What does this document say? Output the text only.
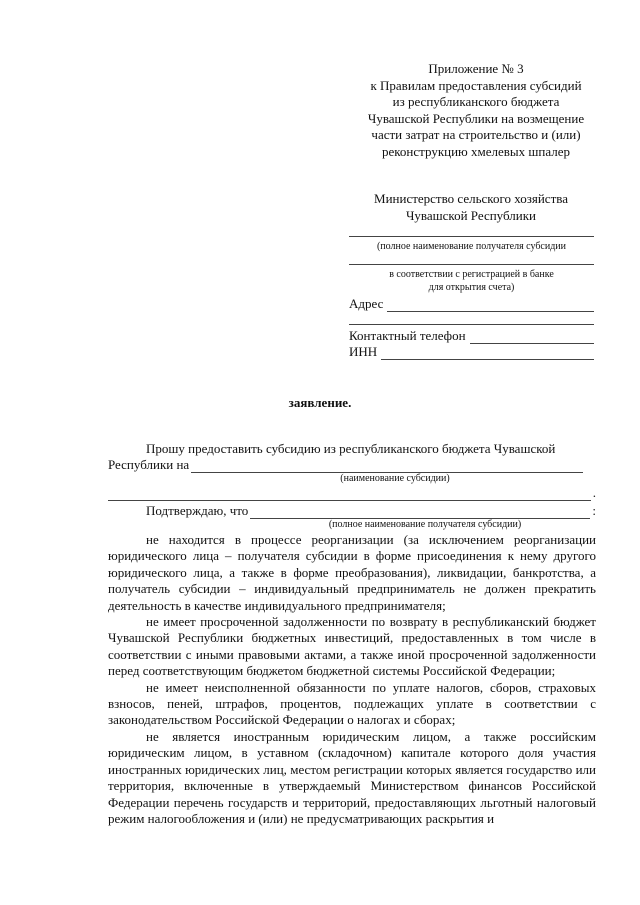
Приложение № 3
к Правилам предоставления субсидий
из республиканского бюджета
Чувашской Республики на возмещение
части затрат на строительство и (или)
реконструкцию хмелевых шпалер
Министерство сельского хозяйства
Чувашской Республики
(полное наименование получателя субсидии
в соответствии с регистрацией в банке
для открытия счета)
Адрес
Контактный телефон
ИНН
заявление.

Прошу предоставить субсидию из республиканского бюджета Чувашской

Республики на
(наименование субсидии)
.
Подтверждаю, что	:
(полное наименование получателя субсидии)

не находится в процессе реорганизации (за исключением реорганизации юридического лица – получателя субсидии в форме присоединения к нему другого юридического лица, а также в форме преобразования), ликвидации, банкротства, а получатель субсидии – индивидуальный предприниматель не должен прекратить деятельность в качестве индивидуального предпринимателя;

не имеет просроченной задолженности по возврату в республиканский бюджет Чувашской Республики бюджетных инвестиций, предоставленных в том числе в соответствии с иными правовыми актами, а также иной просроченной задолженности перед соответствующим бюджетом бюджетной системы Российской Федерации;

не имеет неисполненной обязанности по уплате налогов, сборов, страховых взносов, пеней, штрафов, процентов, подлежащих уплате в соответствии с законодательством Российской Федерации о налогах и сборах;

не является иностранным юридическим лицом, а также российским юридическим лицом, в уставном (складочном) капитале которого доля участия иностранных юридических лиц, местом регистрации которых является государство или территория, включенные в утверждаемый Министерством финансов Российской Федерации перечень государств и территорий, предоставляющих льготный налоговый режим налогообложения и (или) не предусматривающих раскрытия и
